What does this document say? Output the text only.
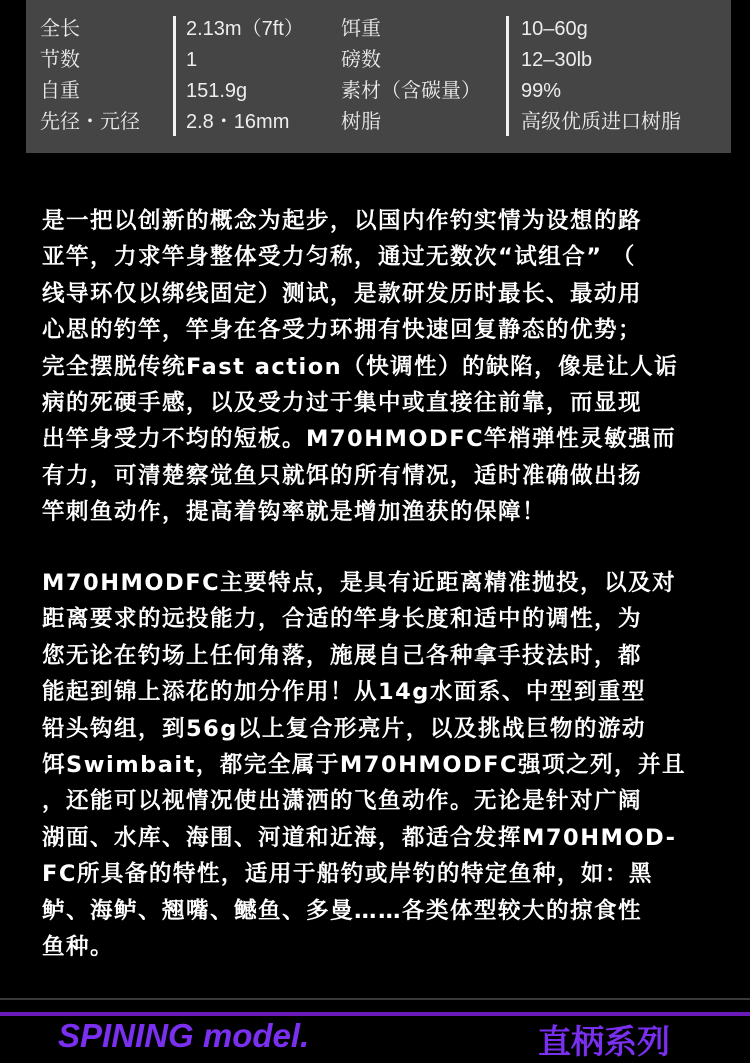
全长	2.13m（7ft） 饵重	10–60g
节数	1	磅数	12–30lb
自重	151.9g	素材（含碳量） 99%
先径・元径 2.8・16mm	树脂	高级优质进口树脂
是一把以创新的概念为起步，以国内作钓实情为设想的路
亚竿，力求竿身整体受力匀称，通过无数次“试组合” （
线导环仅以绑线固定）测试，是款研发历时最长、最动用
心思的钓竿，竿身在各受力环拥有快速回复静态的优势；
完全摆脱传统Fast action（快调性）的缺陷，像是让人诟
病的死硬手感，以及受力过于集中或直接往前靠，而显现
出竿身受力不均的短板。M70HMODFC竿梢弹性灵敏强而
有力，可清楚察觉鱼只就饵的所有情况，适时准确做出扬
竿刺鱼动作，提高着钩率就是增加渔获的保障！
M70HMODFC主要特点，是具有近距离精准抛投，以及对
距离要求的远投能力，合适的竿身长度和适中的调性，为
您无论在钓场上任何角落，施展自己各种拿手技法时，都
能起到锦上添花的加分作用！从14g水面系、中型到重型
铅头钩组，到56g以上复合形亮片，以及挑战巨物的游动
饵Swimbait，都完全属于M70HMODFC强项之列，并且
，还能可以视情况使出潇洒的飞鱼动作。无论是针对广阔
湖面、水库、海围、河道和近海，都适合发挥M70HMOD-
FC所具备的特性，适用于船钓或岸钓的特定鱼种，如：黑
鲈、海鲈、翘嘴、鳡鱼、多曼……各类体型较大的掠食性
鱼种。
SPINING model.	直柄系列
